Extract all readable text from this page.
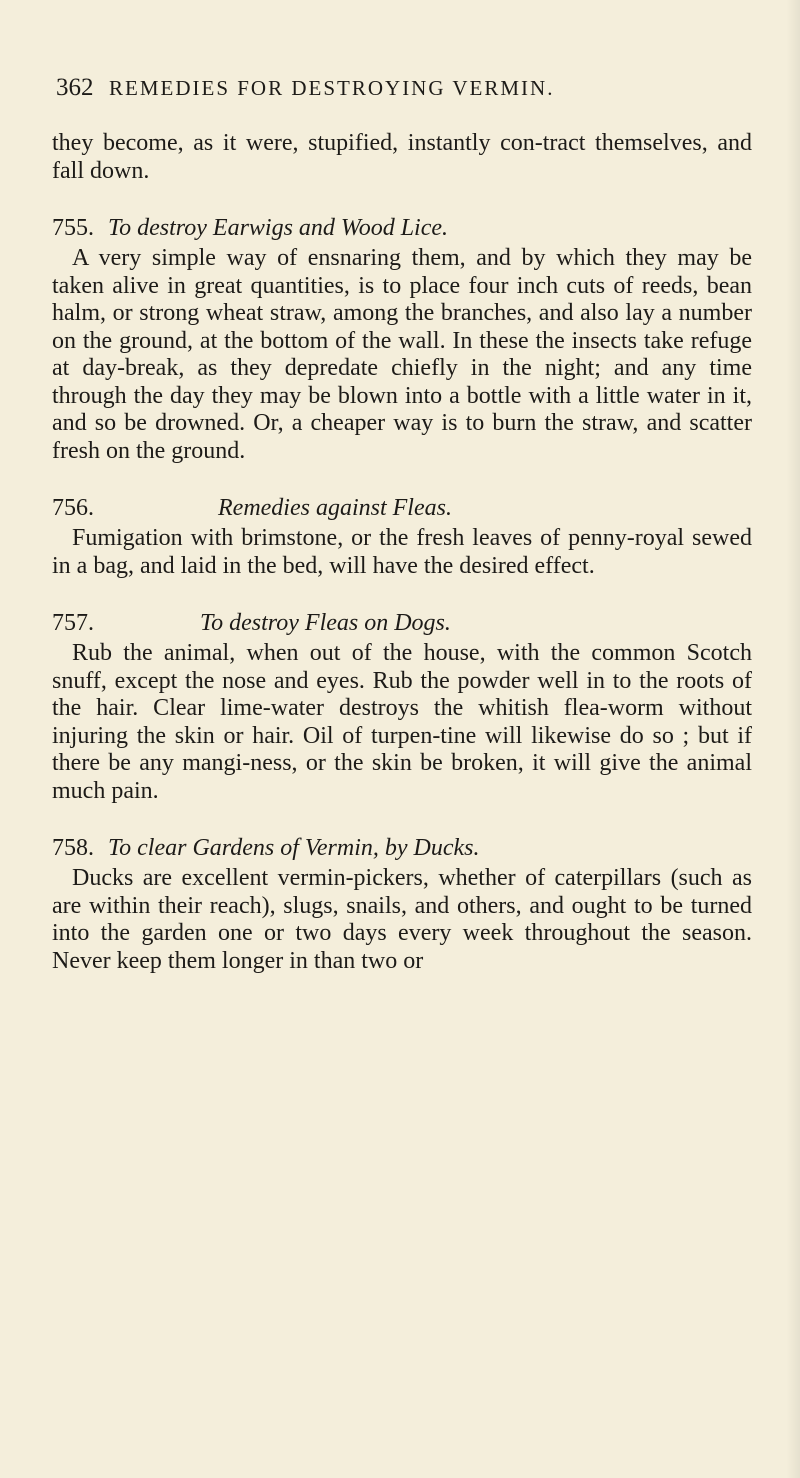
362 REMEDIES FOR DESTROYING VERMIN.

they become, as it were, stupified, instantly con-tract themselves, and fall down.

755. To destroy Earwigs and Wood Lice.

A very simple way of ensnaring them, and by which they may be taken alive in great quantities, is to place four inch cuts of reeds, bean halm, or strong wheat straw, among the branches, and also lay a number on the ground, at the bottom of the wall. In these the insects take refuge at day-break, as they depredate chiefly in the night; and any time through the day they may be blown into a bottle with a little water in it, and so be drowned. Or, a cheaper way is to burn the straw, and scatter fresh on the ground.

756.	Remedies against Fleas.

Fumigation with brimstone, or the fresh leaves of penny-royal sewed in a bag, and laid in the bed, will have the desired effect.

757.	To destroy Fleas on Dogs.

Rub the animal, when out of the house, with the common Scotch snuff, except the nose and eyes. Rub the powder well in to the roots of the hair. Clear lime-water destroys the whitish flea-worm without injuring the skin or hair. Oil of turpen-tine will likewise do so ; but if there be any mangi-ness, or the skin be broken, it will give the animal much pain.

758. To clear Gardens of Vermin, by Ducks.

Ducks are excellent vermin-pickers, whether of caterpillars (such as are within their reach), slugs, snails, and others, and ought to be turned into the garden one or two days every week throughout the season. Never keep them longer in than two or
